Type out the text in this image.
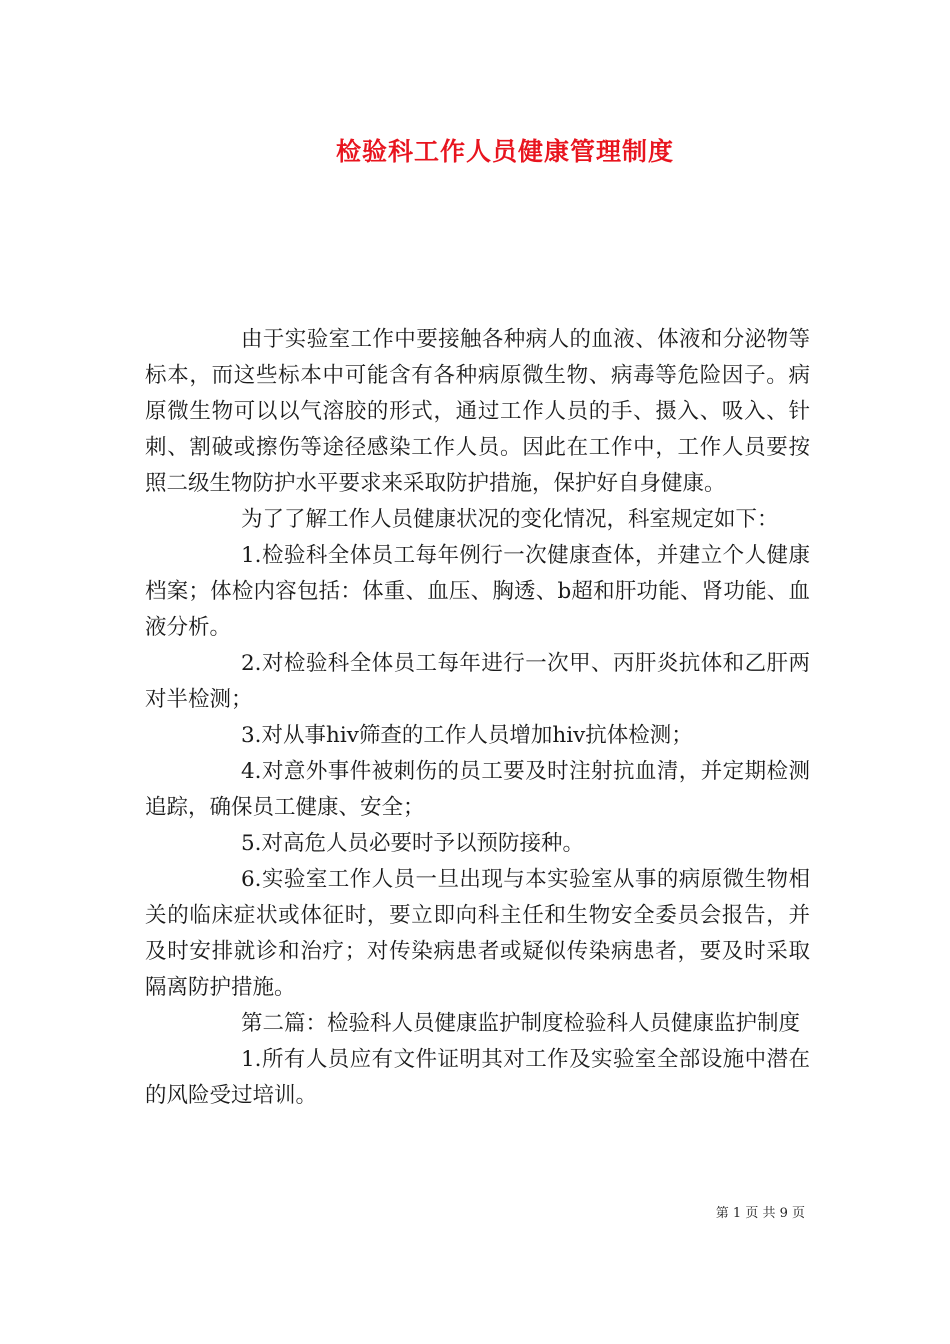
检验科工作人员健康管理制度

由于实验室工作中要接触各种病人的血液、体液和分泌物等标本，而这些标本中可能含有各种病原微生物、病毒等危险因子。病原微生物可以以气溶胶的形式，通过工作人员的手、摄入、吸入、针刺、割破或擦伤等途径感染工作人员。因此在工作中，工作人员要按照二级生物防护水平要求来采取防护措施，保护好自身健康。

为了了解工作人员健康状况的变化情况，科室规定如下：

1.检验科全体员工每年例行一次健康查体，并建立个人健康档案；体检内容包括：体重、血压、胸透、b超和肝功能、肾功能、血液分析。

2.对检验科全体员工每年进行一次甲、丙肝炎抗体和乙肝两对半检测；

3.对从事hiv筛查的工作人员增加hiv抗体检测；

4.对意外事件被刺伤的员工要及时注射抗血清，并定期检测追踪，确保员工健康、安全；

5.对高危人员必要时予以预防接种。

6.实验室工作人员一旦出现与本实验室从事的病原微生物相关的临床症状或体征时，要立即向科主任和生物安全委员会报告，并及时安排就诊和治疗；对传染病患者或疑似传染病患者，要及时采取隔离防护措施。

第二篇：检验科人员健康监护制度检验科人员健康监护制度

1.所有人员应有文件证明其对工作及实验室全部设施中潜在的风险受过培训。

第 1 页 共 9 页
